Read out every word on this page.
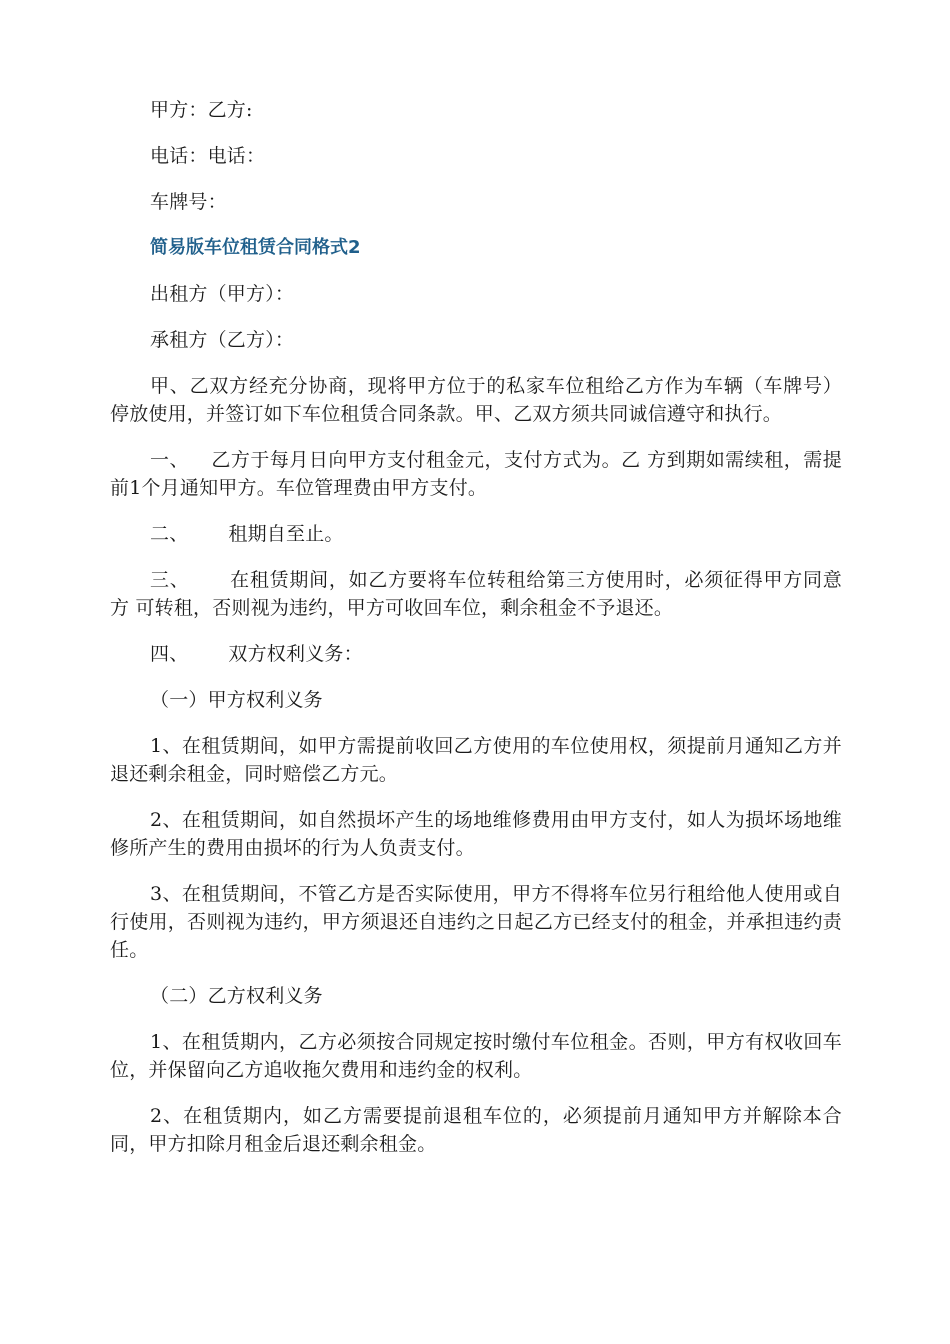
甲方：乙方:

电话：电话：

车牌号：

简易版车位租赁合同格式2

出租方（甲方）：

承租方（乙方）：

甲、乙双方经充分协商，现将甲方位于的私家车位租给乙方作为车辆（车牌号） 停放使用，并签订如下车位租赁合同条款。甲、乙双方须共同诚信遵守和执行。

一、 乙方于每月日向甲方支付租金元，支付方式为。乙 方到期如需续租，需提前1个月通知甲方。车位管理费由甲方支付。

二、 租期自至止。

三、 在租赁期间，如乙方要将车位转租给第三方使用时，必须征得甲方同意方 可转租，否则视为违约，甲方可收回车位，剩余租金不予退还。

四、 双方权利义务：

（一）甲方权利义务

1、在租赁期间，如甲方需提前收回乙方使用的车位使用权，须提前月通知乙方并退还剩余租金，同时赔偿乙方元。

2、在租赁期间，如自然损坏产生的场地维修费用由甲方支付，如人为损坏场地维修所产生的费用由损坏的行为人负责支付。

3、在租赁期间，不管乙方是否实际使用，甲方不得将车位另行租给他人使用或自行使用，否则视为违约，甲方须退还自违约之日起乙方已经支付的租金，并承担违约责任。

（二）乙方权利义务

1、在租赁期内，乙方必须按合同规定按时缴付车位租金。否则，甲方有权收回车位，并保留向乙方追收拖欠费用和违约金的权利。

2、在租赁期内，如乙方需要提前退租车位的，必须提前月通知甲方并解除本合同，甲方扣除月租金后退还剩余租金。
